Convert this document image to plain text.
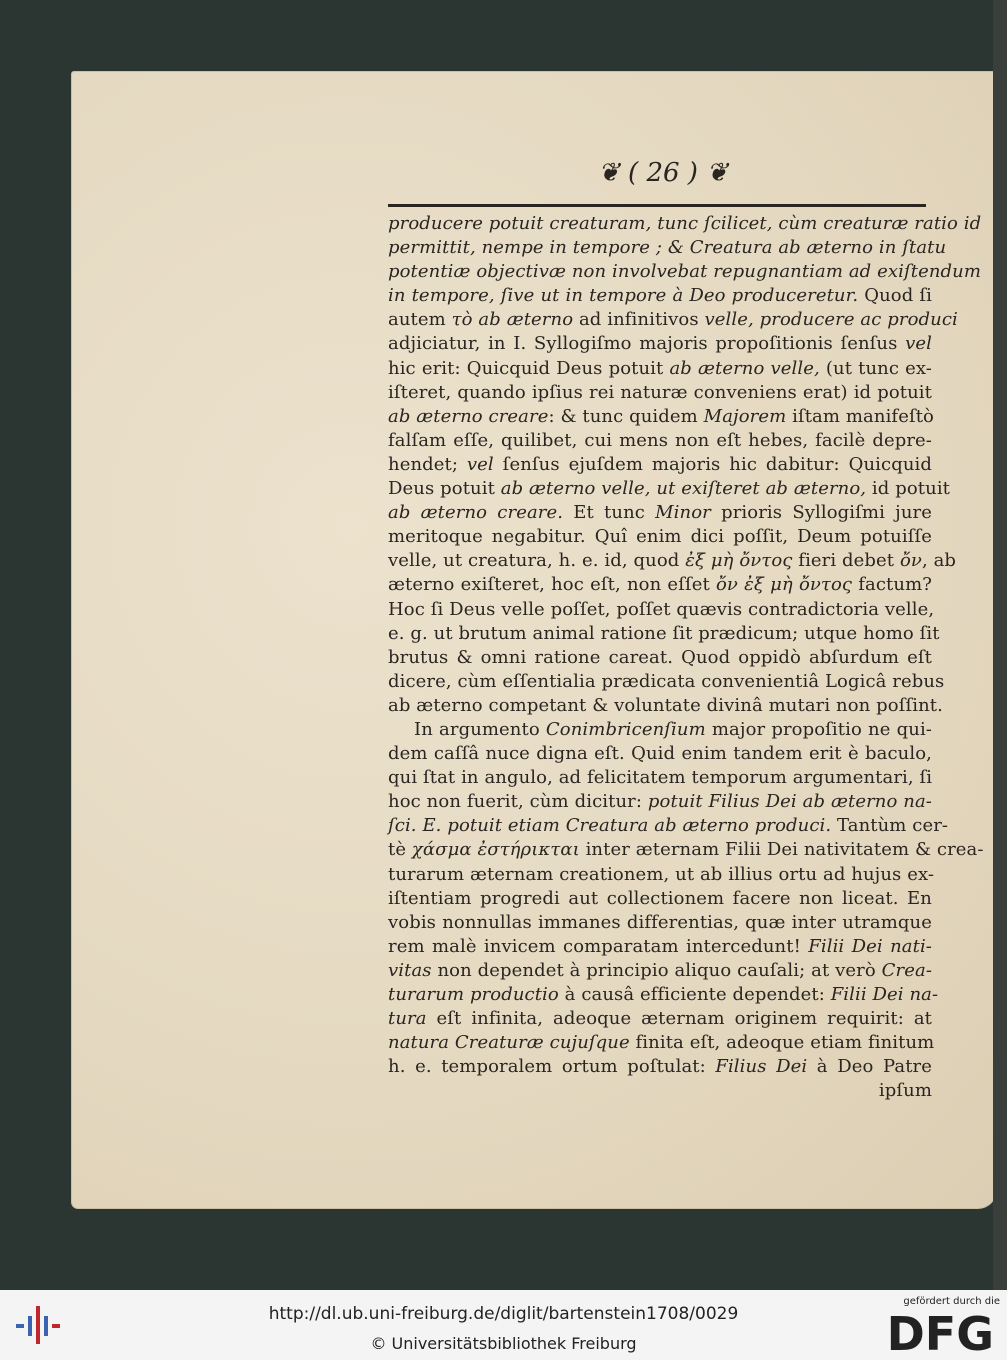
❦ ( 26 ) ❦
producere potuit creaturam, tunc ſcilicet, cùm creaturæ ratio id
permittit, nempe in tempore ; & Creatura ab æterno in ſtatu
potentiæ objectivæ non involvebat repugnantiam ad exiſtendum
in tempore, ſive ut in tempore à Deo produceretur. Quod ſi
autem τὸ ab æterno ad infinitivos velle, producere ac produci
adjiciatur, in I. Syllogiſmo majoris propoſitionis ſenſus vel
hic erit: Quicquid Deus potuit ab æterno velle, (ut tunc ex-
iſteret, quando ipſius rei naturæ conveniens erat) id potuit
ab æterno creare: & tunc quidem Majorem iſtam manifeſtò
falſam eſſe, quilibet, cui mens non eſt hebes, facilè depre-
hendet; vel ſenſus ejuſdem majoris hic dabitur: Quicquid
Deus potuit ab æterno velle, ut exiſteret ab æterno, id potuit
ab æterno creare. Et tunc Minor prioris Syllogiſmi jure
meritoque negabitur. Quî enim dici poſſit, Deum potuiſſe
velle, ut creatura, h. e. id, quod ἐξ μὴ ὄντος fieri debet ὄν, ab
æterno exiſteret, hoc eſt, non eſſet ὄν ἐξ μὴ ὄντος factum?
Hoc ſi Deus velle poſſet, poſſet quævis contradictoria velle,
e. g. ut brutum animal ratione ſit prædicum; utque homo ſit
brutus & omni ratione careat. Quod oppidò abſurdum eſt
dicere, cùm eſſentialia prædicata convenientiâ Logicâ rebus
ab æterno competant & voluntate divinâ mutari non poſſint.
In argumento Conimbricenſium major propoſitio ne qui-
dem caſſâ nuce digna eſt. Quid enim tandem erit è baculo,
qui ſtat in angulo, ad felicitatem temporum argumentari, ſi
hoc non fuerit, cùm dicitur: potuit Filius Dei ab æterno na-
ſci. E. potuit etiam Creatura ab æterno produci. Tantùm cer-
tè χάσμα ἐστήρικται inter æternam Filii Dei nativitatem & crea-
turarum æternam creationem, ut ab illius ortu ad hujus ex-
iſtentiam progredi aut collectionem facere non liceat. En
vobis nonnullas immanes differentias, quæ inter utramque
rem malè invicem comparatam intercedunt! Filii Dei nati-
vitas non dependet à principio aliquo cauſali; at verò Crea-
turarum productio à causâ efficiente dependet: Filii Dei na-
tura eſt infinita, adeoque æternam originem requirit: at
natura Creaturæ cujuſque finita eſt, adeoque etiam finitum
h. e. temporalem ortum poſtulat: Filius Dei à Deo Patre
ipſum
http://dl.ub.uni-freiburg.de/diglit/bartenstein1708/0029
© Universitätsbibliothek Freiburg
gefördert durch die
DFG
